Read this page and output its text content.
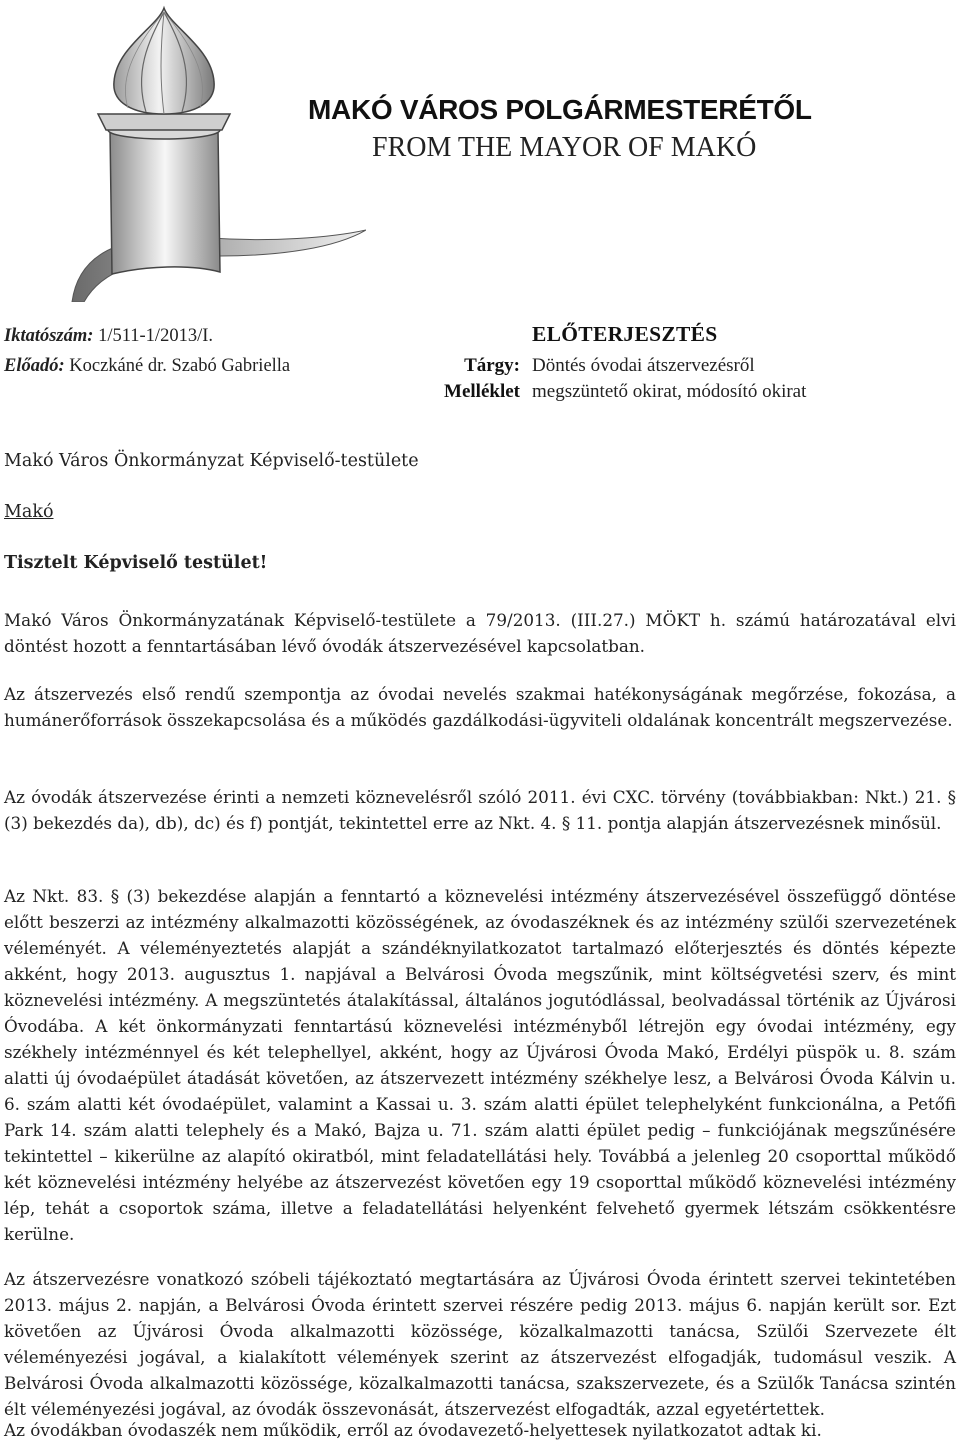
MAKÓ VÁROS POLGÁRMESTERÉTŐL
FROM THE MAYOR OF MAKÓ
Iktatószám: 1/511-1/2013/I.
Előadó: Koczkáné dr. Szabó Gabriella
ELŐTERJESZTÉS
Tárgy: Döntés óvodai átszervezésről
Melléklet megszüntető okirat, módosító okirat
Makó Város Önkormányzat Képviselő-testülete
Makó
Tisztelt Képviselő testület!

Makó Város Önkormányzatának Képviselő-testülete a 79/2013. (III.27.) MÖKT h. számú határozatával elvi döntést hozott a fenntartásában lévő óvodák átszervezésével kapcsolatban.

Az átszervezés első rendű szempontja az óvodai nevelés szakmai hatékonyságának megőrzése, fokozása, a humánerőforrások összekapcsolása és a működés gazdálkodási-ügyviteli oldalának koncentrált megszervezése.

Az óvodák átszervezése érinti a nemzeti köznevelésről szóló 2011. évi CXC. törvény (továbbiakban: Nkt.) 21. § (3) bekezdés da), db), dc) és f) pontját, tekintettel erre az Nkt. 4. § 11. pontja alapján átszervezésnek minősül.

Az Nkt. 83. § (3) bekezdése alapján a fenntartó a köznevelési intézmény átszervezésével összefüggő döntése előtt beszerzi az intézmény alkalmazotti közösségének, az óvodaszéknek és az intézmény szülői szervezetének véleményét. A véleményeztetés alapját a szándéknyilatkozatot tartalmazó előterjesztés és döntés képezte akként, hogy 2013. augusztus 1. napjával a Belvárosi Óvoda megszűnik, mint költségvetési szerv, és mint köznevelési intézmény. A megszüntetés átalakítással, általános jogutódlással, beolvadással történik az Újvárosi Óvodába. A két önkormányzati fenntartású köznevelési intézményből létrejön egy óvodai intézmény, egy székhely intézménnyel és két telephellyel, akként, hogy az Újvárosi Óvoda Makó, Erdélyi püspök u. 8. szám alatti új óvodaépület átadását követően, az átszervezett intézmény székhelye lesz, a Belvárosi Óvoda Kálvin u. 6. szám alatti két óvodaépület, valamint a Kassai u. 3. szám alatti épület telephelyként funkcionálna, a Petőfi Park 14. szám alatti telephely és a Makó, Bajza u. 71. szám alatti épület pedig – funkciójának megszűnésére tekintettel – kikerülne az alapító okiratból, mint feladatellátási hely. Továbbá a jelenleg 20 csoporttal működő két köznevelési intézmény helyébe az átszervezést követően egy 19 csoporttal működő köznevelési intézmény lép, tehát a csoportok száma, illetve a feladatellátási helyenként felvehető gyermek létszám csökkentésre kerülne.

Az átszervezésre vonatkozó szóbeli tájékoztató megtartására az Újvárosi Óvoda érintett szervei tekintetében 2013. május 2. napján, a Belvárosi Óvoda érintett szervei részére pedig 2013. május 6. napján került sor. Ezt követően az Újvárosi Óvoda alkalmazotti közössége, közalkalmazotti tanácsa, Szülői Szervezete élt véleményezési jogával, a kialakított vélemények szerint az átszervezést elfogadják, tudomásul veszik. A Belvárosi Óvoda alkalmazotti közössége, közalkalmazotti tanácsa, szakszervezete, és a Szülők Tanácsa szintén élt véleményezési jogával, az óvodák összevonását, átszervezést elfogadták, azzal egyetértettek.

Az óvodákban óvodaszék nem működik, erről az óvodavezető-helyettesek nyilatkozatot adtak ki.
